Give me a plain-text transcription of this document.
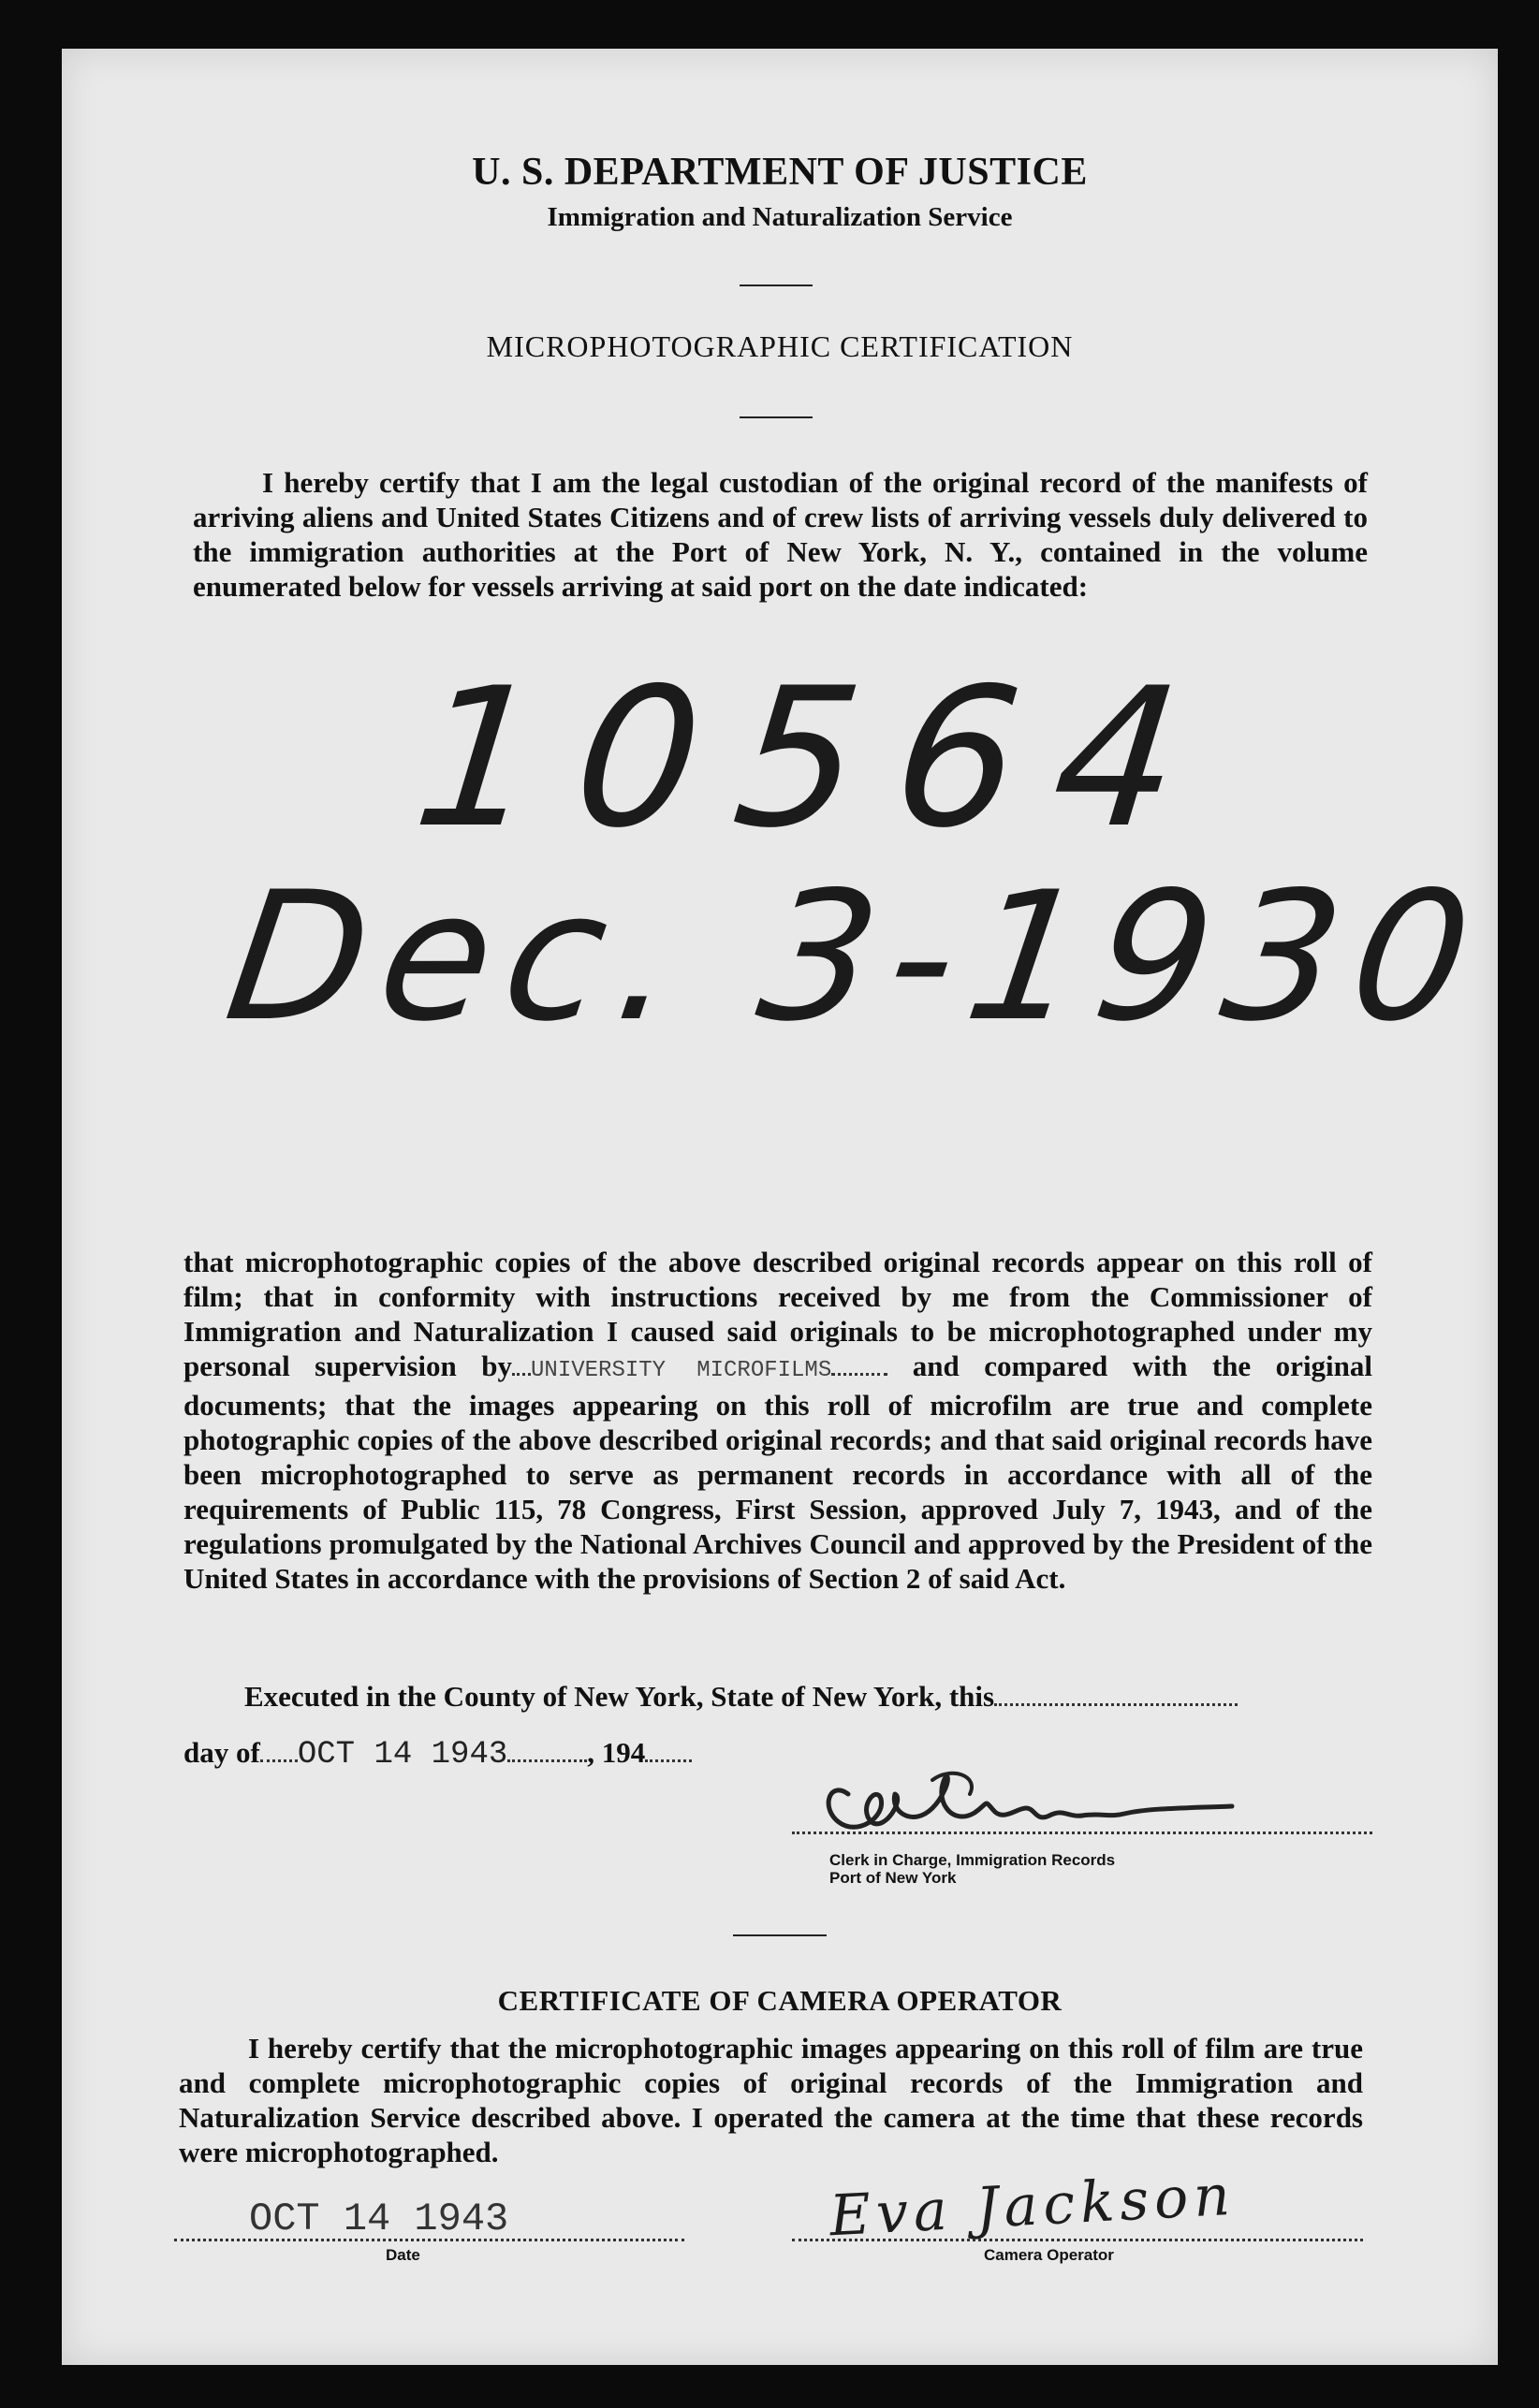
U. S. DEPARTMENT OF JUSTICE
Immigration and Naturalization Service
MICROPHOTOGRAPHIC CERTIFICATION

I hereby certify that I am the legal custodian of the original record of the manifests of arriving aliens and United States Citizens and of crew lists of arriving vessels duly delivered to the immigration authorities at the Port of New York, N. Y., contained in the volume enumerated below for vessels arriving at said port on the date indicated:

10564
Dec. 3-1930
that microphotographic copies of the above described original records appear on this roll of film; that in conformity with instructions received by me from the Commissioner of Immigration and Naturalization I caused said originals to be microphotographed under my personal supervision by UNIVERSITY MICROFILMS	and compared with the original documents; that the images appearing on this roll of microfilm are true and complete photographic copies of the above described original records; and that said original records have been microphotographed to serve as permanent records in accordance with all of the requirements of Public 115, 78 Congress, First Session, approved July 7, 1943, and of the regulations promulgated by the National Archives Council and approved by the President of the United States in accordance with the provisions of Section 2 of said Act.
Executed in the County of New York, State of New York, this
day of OCT 14 1943	, 194
Clerk in Charge, Immigration Records
Port of New York
CERTIFICATE OF CAMERA OPERATOR

I hereby certify that the microphotographic images appearing on this roll of film are true and complete microphotographic copies of original records of the Immigration and Naturalization Service described above. I operated the camera at the time that these records were microphotographed.

OCT 14 1943
Date
Eva Jackson
Camera Operator
